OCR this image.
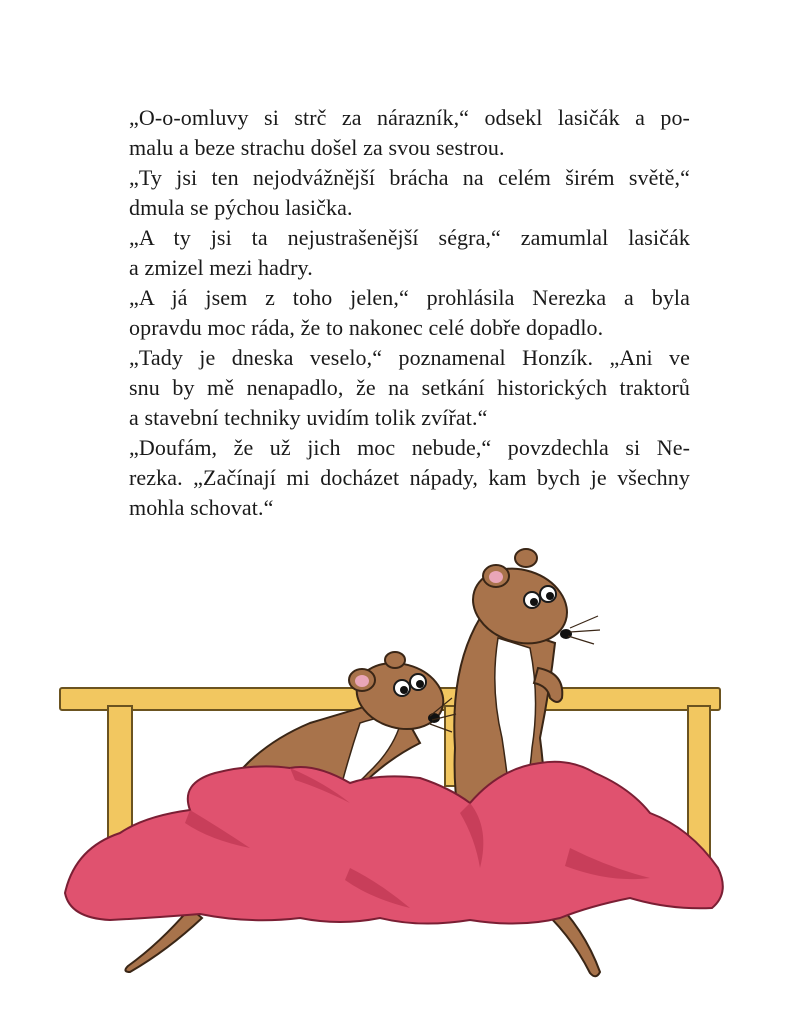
„O-o-omluvy si strč za nárazník,“ odsekl lasičák a po-
malu a beze strachu došel za svou sestrou.

„Ty jsi ten nejodvážnější brácha na celém širém světě,“
dmula se pýchou lasička.

„A ty jsi ta nejustrašenější ségra,“ zamumlal lasičák
a zmizel mezi hadry.

„A já jsem z toho jelen,“ prohlásila Nerezka a byla
opravdu moc ráda, že to nakonec celé dobře dopadlo.

„Tady je dneska veselo,“ poznamenal Honzík. „Ani ve
snu by mě nenapadlo, že na setkání historických traktorů
a stavební techniky uvidím tolik zvířat.“

„Doufám, že už jich moc nebude,“ povzdechla si Ne-
rezka. „Začínají mi docházet nápady, kam bych je všechny
mohla schovat.“
